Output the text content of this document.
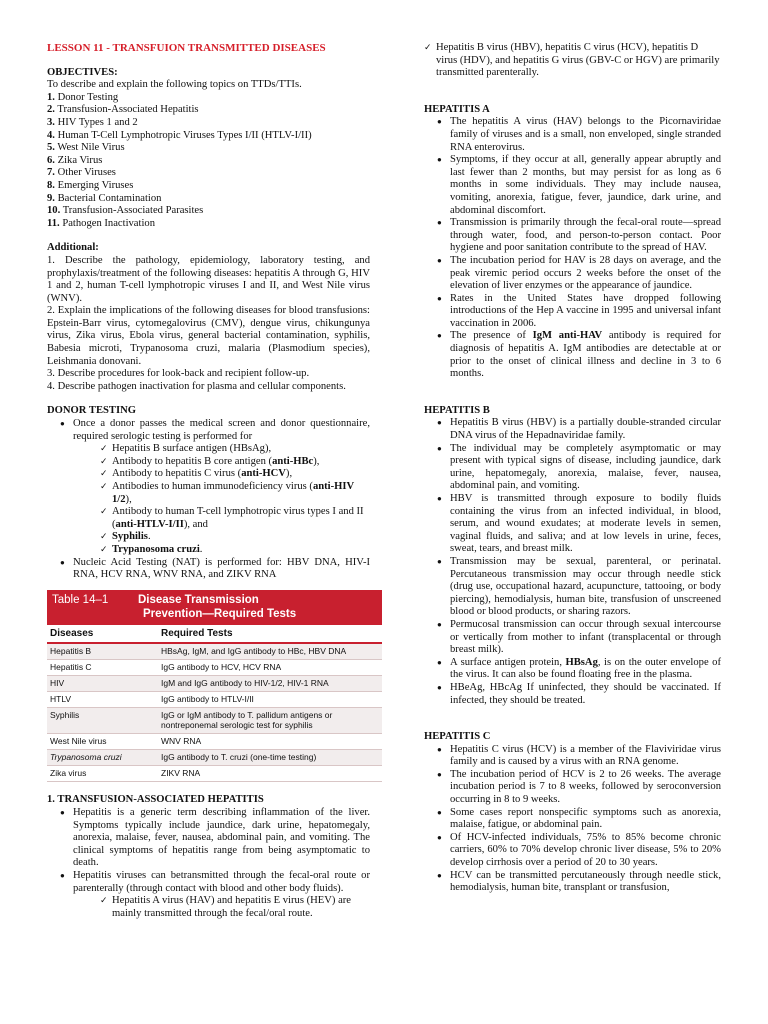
LESSON 11 - TRANSFUION TRANSMITTED DISEASES
OBJECTIVES:
To describe and explain the following topics on TTDs/TTIs.
1. Donor Testing
2. Transfusion-Associated Hepatitis
3. HIV Types 1 and 2
4. Human T-Cell Lymphotropic Viruses Types I/II (HTLV-I/II)
5. West Nile Virus
6. Zika Virus
7. Other Viruses
8. Emerging Viruses
9. Bacterial Contamination
10. Transfusion-Associated Parasites
11. Pathogen Inactivation
Additional:
1. Describe the pathology, epidemiology, laboratory testing, and prophylaxis/treatment of the following diseases: hepatitis A through G, HIV 1 and 2, human T-cell lymphotropic viruses I and II, and West Nile virus (WNV).
2. Explain the implications of the following diseases for blood transfusions: Epstein-Barr virus, cytomegalovirus (CMV), dengue virus, chikungunya virus, Zika virus, Ebola virus, general bacterial contamination, syphilis, Babesia microti, Trypanosoma cruzi, malaria (Plasmodium species), Leishmania donovani.
3. Describe procedures for look-back and recipient follow-up.
4. Describe pathogen inactivation for plasma and cellular components.
DONOR TESTING
● Once a donor passes the medical screen and donor questionnaire, required serologic testing is performed for
✓ Hepatitis B surface antigen (HBsAg),
✓ Antibody to hepatitis B core antigen (anti-HBc),
✓ Antibody to hepatitis C virus (anti-HCV),
✓ Antibodies to human immunodeficiency virus (anti-HIV 1/2),
✓ Antibody to human T-cell lymphotropic virus types I and II (anti-HTLV-I/II), and
✓ Syphilis.
✓ Trypanosoma cruzi.
● Nucleic Acid Testing (NAT) is performed for: HBV DNA, HIV-I RNA, HCV RNA, WNV RNA, and ZIKV RNA
Table 14–1	Disease Transmission
Prevention—Required Tests
Diseases	Required Tests
Hepatitis B	HBsAg, IgM, and IgG antibody to HBc, HBV DNA
Hepatitis C	IgG antibody to HCV, HCV RNA
HIV	IgM and IgG antibody to HIV-1/2, HIV-1 RNA
HTLV	IgG antibody to HTLV-I/II
Syphilis	IgG or IgM antibody to T. pallidum antigens or nontreponemal serologic test for syphilis
West Nile virus	WNV RNA
Trypanosoma cruzi	IgG antibody to T. cruzi (one-time testing)
Zika virus	ZIKV RNA
1. TRANSFUSION-ASSOCIATED HEPATITIS
● Hepatitis is a generic term describing inflammation of the liver. Symptoms typically include jaundice, dark urine, hepatomegaly, anorexia, malaise, fever, nausea, abdominal pain, and vomiting. The clinical symptoms of hepatitis range from being asymptomatic to death.
● Hepatitis viruses can betransmitted through the fecal-oral route or parenterally (through contact with blood and other body fluids).
✓ Hepatitis A virus (HAV) and hepatitis E virus (HEV) are mainly transmitted through the fecal/oral route.
✓ Hepatitis B virus (HBV), hepatitis C virus (HCV), hepatitis D virus (HDV), and hepatitis G virus (GBV-C or HGV) are primarily transmitted parenterally.
HEPATITIS A
● The hepatitis A virus (HAV) belongs to the Picornaviridae family of viruses and is a small, non enveloped, single stranded RNA enterovirus.
● Symptoms, if they occur at all, generally appear abruptly and last fewer than 2 months, but may persist for as long as 6 months in some individuals. They may include nausea, vomiting, anorexia, fatigue, fever, jaundice, dark urine, and abdominal discomfort.
● Transmission is primarily through the fecal-oral route—spread through water, food, and person-to-person contact. Poor hygiene and poor sanitation contribute to the spread of HAV.
● The incubation period for HAV is 28 days on average, and the peak viremic period occurs 2 weeks before the onset of the elevation of liver enzymes or the appearance of jaundice.
● Rates in the United States have dropped following introductions of the Hep A vaccine in 1995 and universal infant vaccination in 2006.
● The presence of IgM anti-HAV antibody is required for diagnosis of hepatitis A. IgM antibodies are detectable at or prior to the onset of clinical illness and decline in 3 to 6 months.
HEPATITIS B
● Hepatitis B virus (HBV) is a partially double-stranded circular DNA virus of the Hepadnaviridae family.
● The individual may be completely asymptomatic or may present with typical signs of disease, including jaundice, dark urine, hepatomegaly, anorexia, malaise, fever, nausea, abdominal pain, and vomiting.
● HBV is transmitted through exposure to bodily fluids containing the virus from an infected individual, in blood, serum, and wound exudates; at moderate levels in semen, vaginal fluids, and saliva; and at low levels in urine, feces, sweat, tears, and breast milk.
● Transmission may be sexual, parenteral, or perinatal. Percutaneous transmission may occur through needle stick (drug use, occupational hazard, acupuncture, tattooing, or body piercing), hemodialysis, human bite, transfusion of unscreened blood or blood products, or sharing razors.
● Permucosal transmission can occur through sexual intercourse or vertically from mother to infant (transplacental or through breast milk).
● A surface antigen protein, HBsAg, is on the outer envelope of the virus. It can also be found floating free in the plasma.
● HBeAg, HBcAg If uninfected, they should be vaccinated. If infected, they should be treated.
HEPATITIS C
● Hepatitis C virus (HCV) is a member of the Flaviviridae virus family and is caused by a virus with an RNA genome.
● The incubation period of HCV is 2 to 26 weeks. The average incubation period is 7 to 8 weeks, followed by seroconversion occurring in 8 to 9 weeks.
● Some cases report nonspecific symptoms such as anorexia, malaise, fatigue, or abdominal pain.
● Of HCV-infected individuals, 75% to 85% become chronic carriers, 60% to 70% develop chronic liver disease, 5% to 20% develop cirrhosis over a period of 20 to 30 years.
● HCV can be transmitted percutaneously through needle stick, hemodialysis, human bite, transplant or transfusion,
